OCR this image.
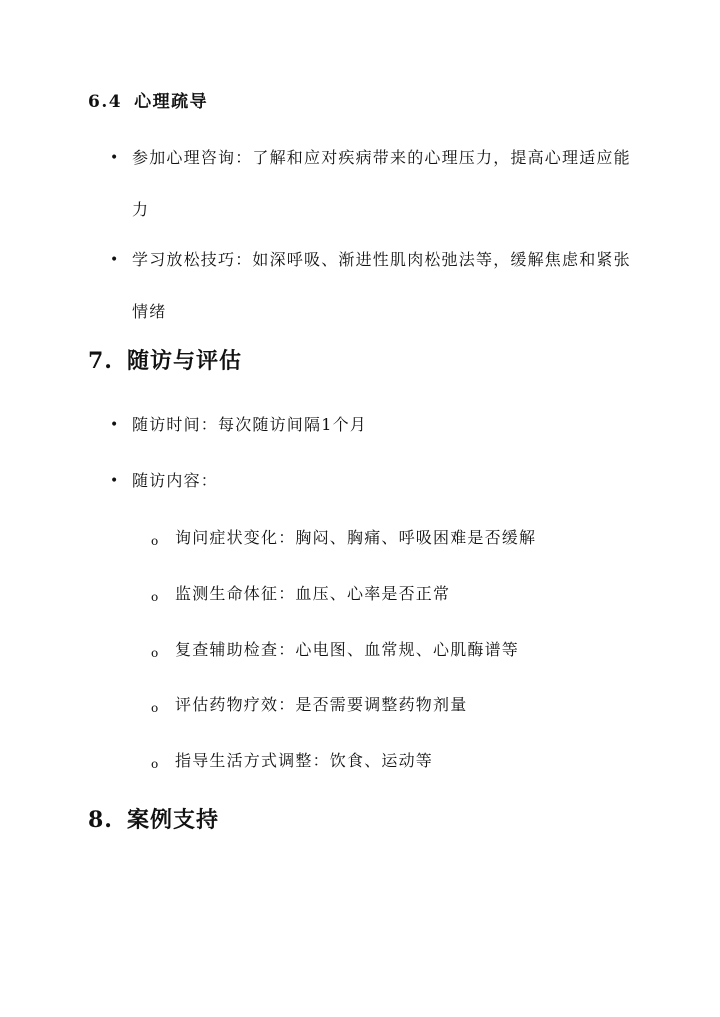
6.4 心理疏导
• 参加心理咨询：了解和应对疾病带来的心理压力，提高心理适应能力
• 学习放松技巧：如深呼吸、渐进性肌肉松弛法等，缓解焦虑和紧张情绪
7. 随访与评估
• 随访时间：每次随访间隔1个月
• 随访内容：
o 询问症状变化：胸闷、胸痛、呼吸困难是否缓解
o 监测生命体征：血压、心率是否正常
o 复查辅助检查：心电图、血常规、心肌酶谱等
o 评估药物疗效：是否需要调整药物剂量
o 指导生活方式调整：饮食、运动等
8. 案例支持
